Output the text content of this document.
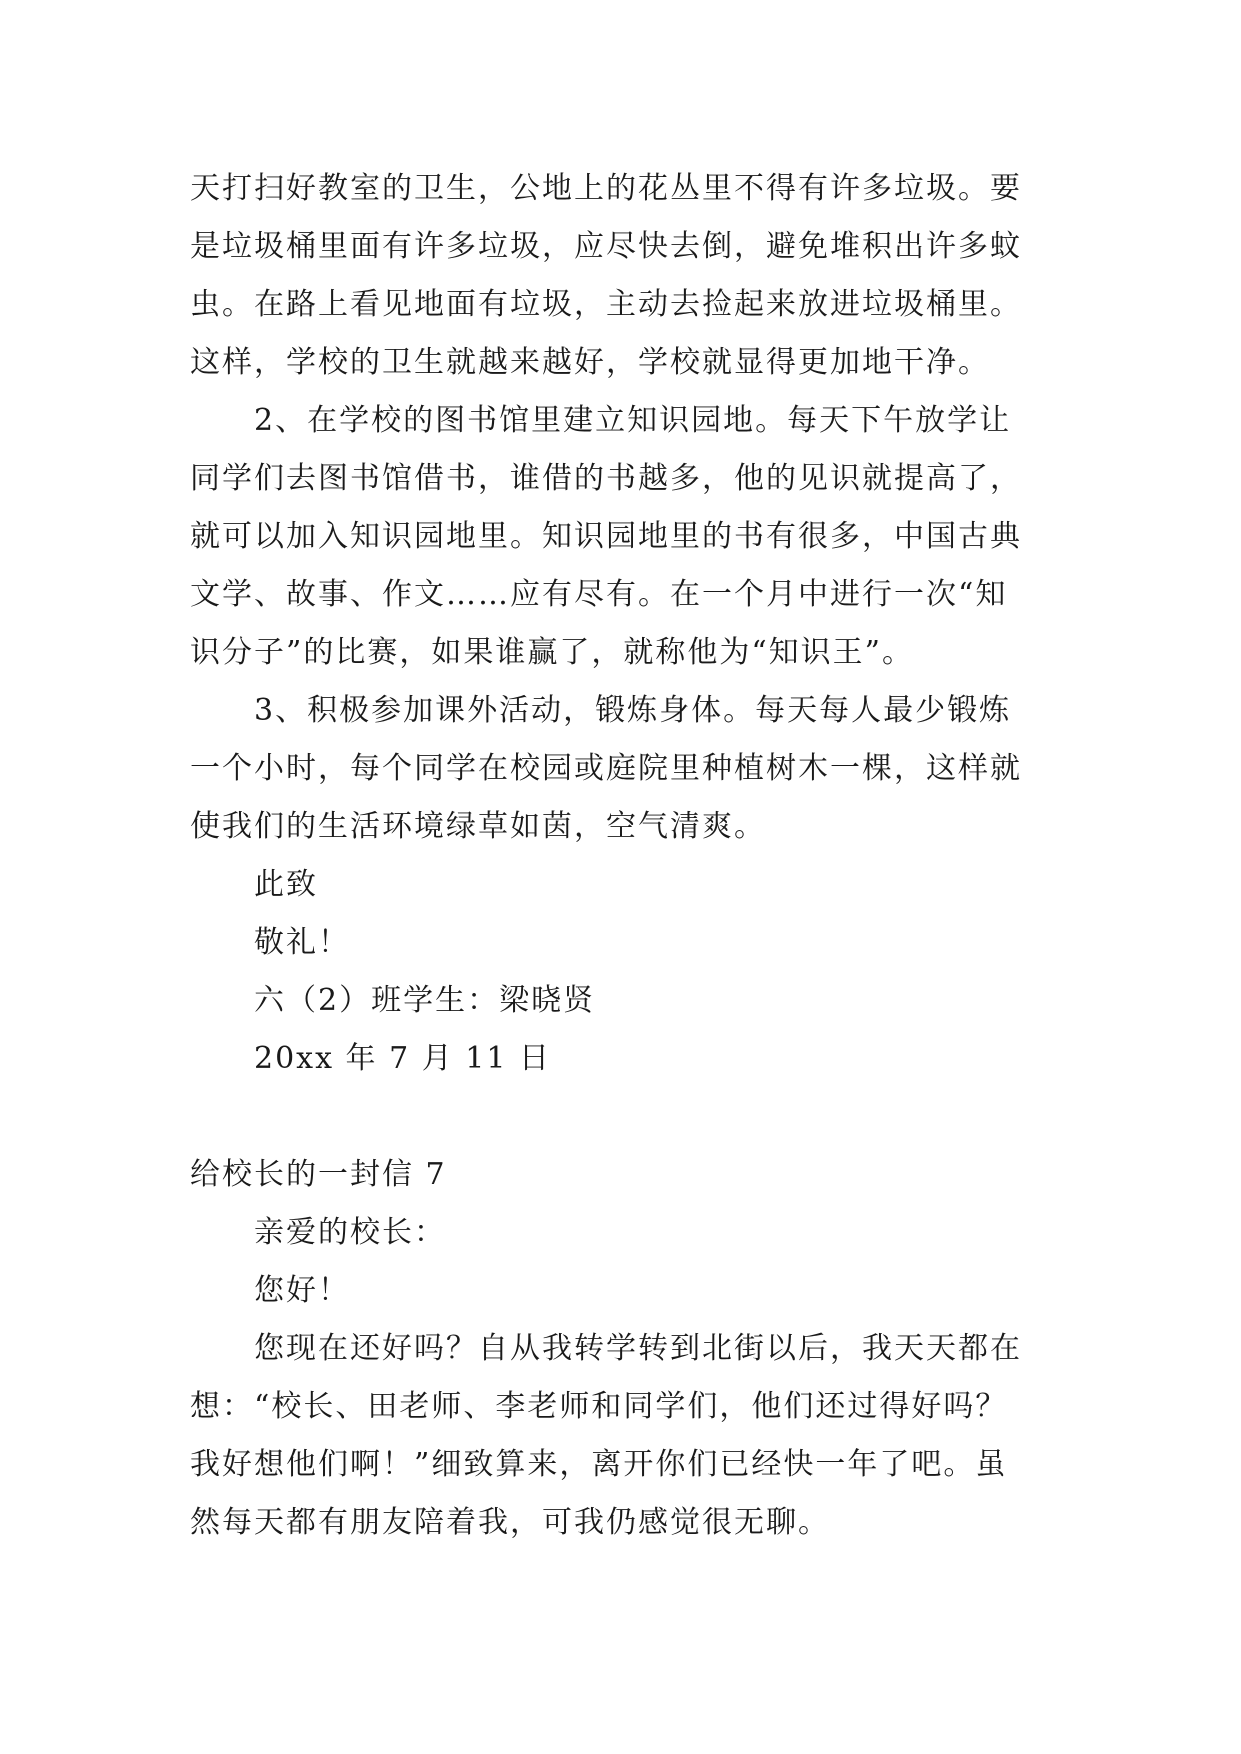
天打扫好教室的卫生，公地上的花丛里不得有许多垃圾。要
是垃圾桶里面有许多垃圾，应尽快去倒，避免堆积出许多蚊
虫。在路上看见地面有垃圾，主动去捡起来放进垃圾桶里。
这样，学校的卫生就越来越好，学校就显得更加地干净。
2、在学校的图书馆里建立知识园地。每天下午放学让
同学们去图书馆借书，谁借的书越多，他的见识就提高了，
就可以加入知识园地里。知识园地里的书有很多，中国古典
文学、故事、作文……应有尽有。在一个月中进行一次“知
识分子”的比赛，如果谁赢了，就称他为“知识王”。
3、积极参加课外活动，锻炼身体。每天每人最少锻炼
一个小时，每个同学在校园或庭院里种植树木一棵，这样就
使我们的生活环境绿草如茵，空气清爽。
此致
敬礼！
六（2）班学生：梁晓贤
20xx 年 7 月 11 日
给校长的一封信 7
亲爱的校长：
您好！
您现在还好吗？自从我转学转到北街以后，我天天都在
想：“校长、田老师、李老师和同学们，他们还过得好吗？
我好想他们啊！”细致算来，离开你们已经快一年了吧。虽
然每天都有朋友陪着我，可我仍感觉很无聊。
